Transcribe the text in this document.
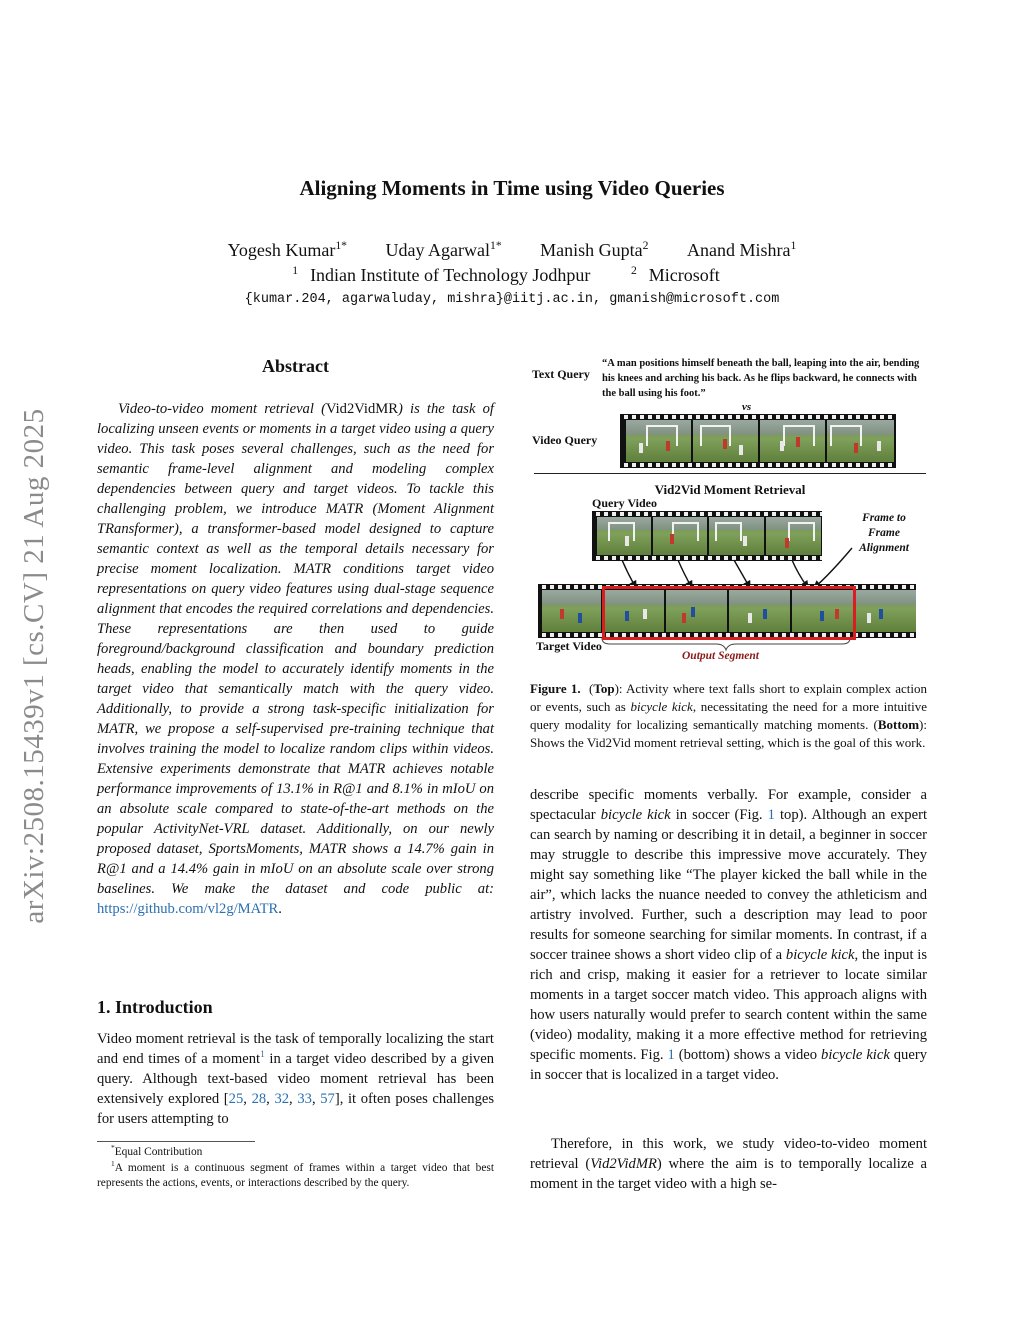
Aligning Moments in Time using Video Queries
Yogesh Kumar$^{1*}$ Uday Agarwal$^{1*}$ Manish Gupta$^2$ Anand Mishra$^1$
$^1$ Indian Institute of Technology Jodhpur	$^2$ Microsoft
{kumar.204, agarwaluday, mishra}@iitj.ac.in, gmanish@microsoft.com
arXiv:2508.15439v1 [cs.CV] 21 Aug 2025
Abstract
Video-to-video moment retrieval (Vid2VidMR) is the task of localizing unseen events or moments in a target video using a query video. This task poses several challenges, such as the need for semantic frame-level alignment and modeling complex dependencies between query and target videos. To tackle this challenging problem, we introduce MATR (Moment Alignment TRansformer), a transformer-based model designed to capture semantic context as well as the temporal details necessary for precise moment localization. MATR conditions target video representations on query video features using dual-stage sequence alignment that encodes the required correlations and dependencies. These representations are then used to guide foreground/background classification and boundary prediction heads, enabling the model to accurately identify moments in the target video that semantically match with the query video. Additionally, to provide a strong task-specific initialization for MATR, we propose a self-supervised pre-training technique that involves training the model to localize random clips within videos. Extensive experiments demonstrate that MATR achieves notable performance improvements of 13.1% in R@1 and 8.1% in mIoU on an absolute scale compared to state-of-the-art methods on the popular ActivityNet-VRL dataset. Additionally, on our newly proposed dataset, SportsMoments, MATR shows a 14.7% gain in R@1 and a 14.4% gain in mIoU on an absolute scale over strong baselines. We make the dataset and code public at: https://github.com/vl2g/MATR.
1. Introduction
Video moment retrieval is the task of temporally localizing the start and end times of a moment$^1$ in a target video described by a given query. Although text-based video moment retrieval has been extensively explored [25, 28, 32, 33, 57], it often poses challenges for users attempting to
*Equal Contribution
$^1$A moment is a continuous segment of frames within a target video that best represents the actions, events, or interactions described by the query.
Text Query
“A man positions himself beneath the ball, leaping into the air, bending his knees and arching his back. As he flips backward, he connects with the ball using his foot.”
vs
Video Query
Vid2Vid Moment Retrieval
Query Video
Frame to Frame Alignment
Target Video
Output Segment
Figure 1.  (Top): Activity where text falls short to explain complex action or events, such as bicycle kick, necessitating the need for a more intuitive query modality for localizing semantically matching moments. (Bottom): Shows the Vid2Vid moment retrieval setting, which is the goal of this work.
describe specific moments verbally. For example, consider a spectacular bicycle kick in soccer (Fig. 1 top). Although an expert can search by naming or describing it in detail, a beginner in soccer may struggle to describe this impressive move accurately. They might say something like “The player kicked the ball while in the air”, which lacks the nuance needed to convey the athleticism and artistry involved. Further, such a description may lead to poor results for someone searching for similar moments. In contrast, if a soccer trainee shows a short video clip of a bicycle kick, the input is rich and crisp, making it easier for a retriever to locate similar moments in a target soccer match video. This approach aligns with how users naturally would prefer to search content within the same (video) modality, making it a more effective method for retrieving specific moments. Fig. 1 (bottom) shows a video bicycle kick query in soccer that is localized in a target video.
Therefore, in this work, we study video-to-video moment retrieval (Vid2VidMR) where the aim is to temporally localize a moment in the target video with a high se-
